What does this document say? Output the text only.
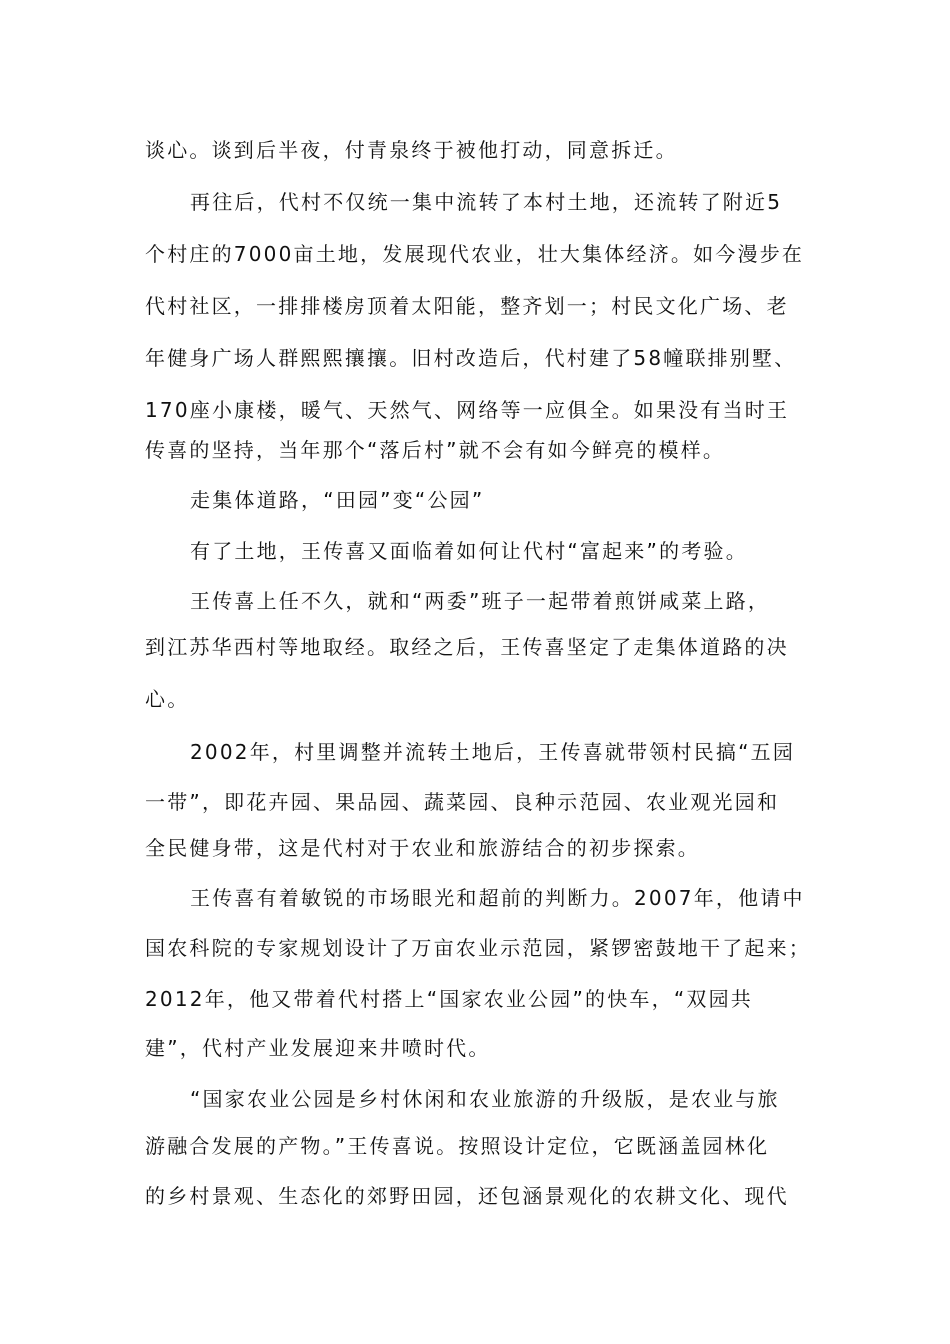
谈心。谈到后半夜，付青泉终于被他打动，同意拆迁。
再往后，代村不仅统一集中流转了本村土地，还流转了附近5
个村庄的7000亩土地，发展现代农业，壮大集体经济。如今漫步在
代村社区，一排排楼房顶着太阳能，整齐划一；村民文化广场、老
年健身广场人群熙熙攘攘。旧村改造后，代村建了58幢联排别墅、
170座小康楼，暖气、天然气、网络等一应俱全。如果没有当时王
传喜的坚持，当年那个“落后村”就不会有如今鲜亮的模样。
走集体道路，“田园”变“公园”
有了土地，王传喜又面临着如何让代村“富起来”的考验。
王传喜上任不久，就和“两委”班子一起带着煎饼咸菜上路，
到江苏华西村等地取经。取经之后，王传喜坚定了走集体道路的决
心。
2002年，村里调整并流转土地后，王传喜就带领村民搞“五园
一带”，即花卉园、果品园、蔬菜园、良种示范园、农业观光园和
全民健身带，这是代村对于农业和旅游结合的初步探索。
王传喜有着敏锐的市场眼光和超前的判断力。2007年，他请中
国农科院的专家规划设计了万亩农业示范园，紧锣密鼓地干了起来；
2012年，他又带着代村搭上“国家农业公园”的快车，“双园共
建”，代村产业发展迎来井喷时代。
“国家农业公园是乡村休闲和农业旅游的升级版，是农业与旅
游融合发展的产物。”王传喜说。按照设计定位，它既涵盖园林化
的乡村景观、生态化的郊野田园，还包涵景观化的农耕文化、现代
